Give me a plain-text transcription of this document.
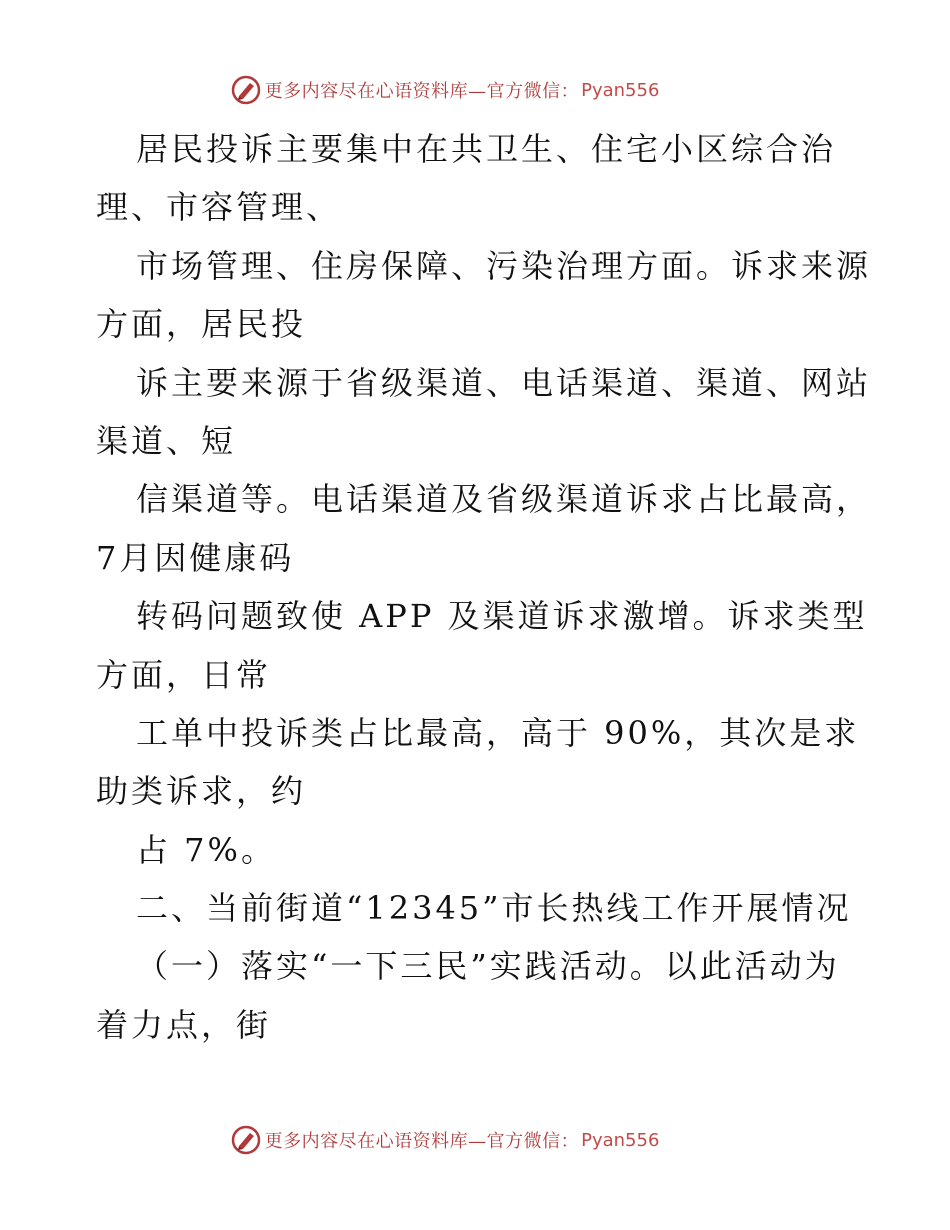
更多内容尽在心语资料库—官方微信： Pyan556
居民投诉主要集中在共卫生、住宅小区综合治
理、市容管理、
市场管理、住房保障、污染治理方面。诉求来源
方面，居民投
诉主要来源于省级渠道、电话渠道、渠道、网站
渠道、短
信渠道等。电话渠道及省级渠道诉求占比最高，
7月因健康码
转码问题致使 APP 及渠道诉求激增。诉求类型
方面，日常
工单中投诉类占比最高，高于 90%，其次是求
助类诉求，约
占 7%。
二、当前街道“12345”市长热线工作开展情况
（一）落实“一下三民”实践活动。以此活动为
着力点，街
更多内容尽在心语资料库—官方微信： Pyan556
